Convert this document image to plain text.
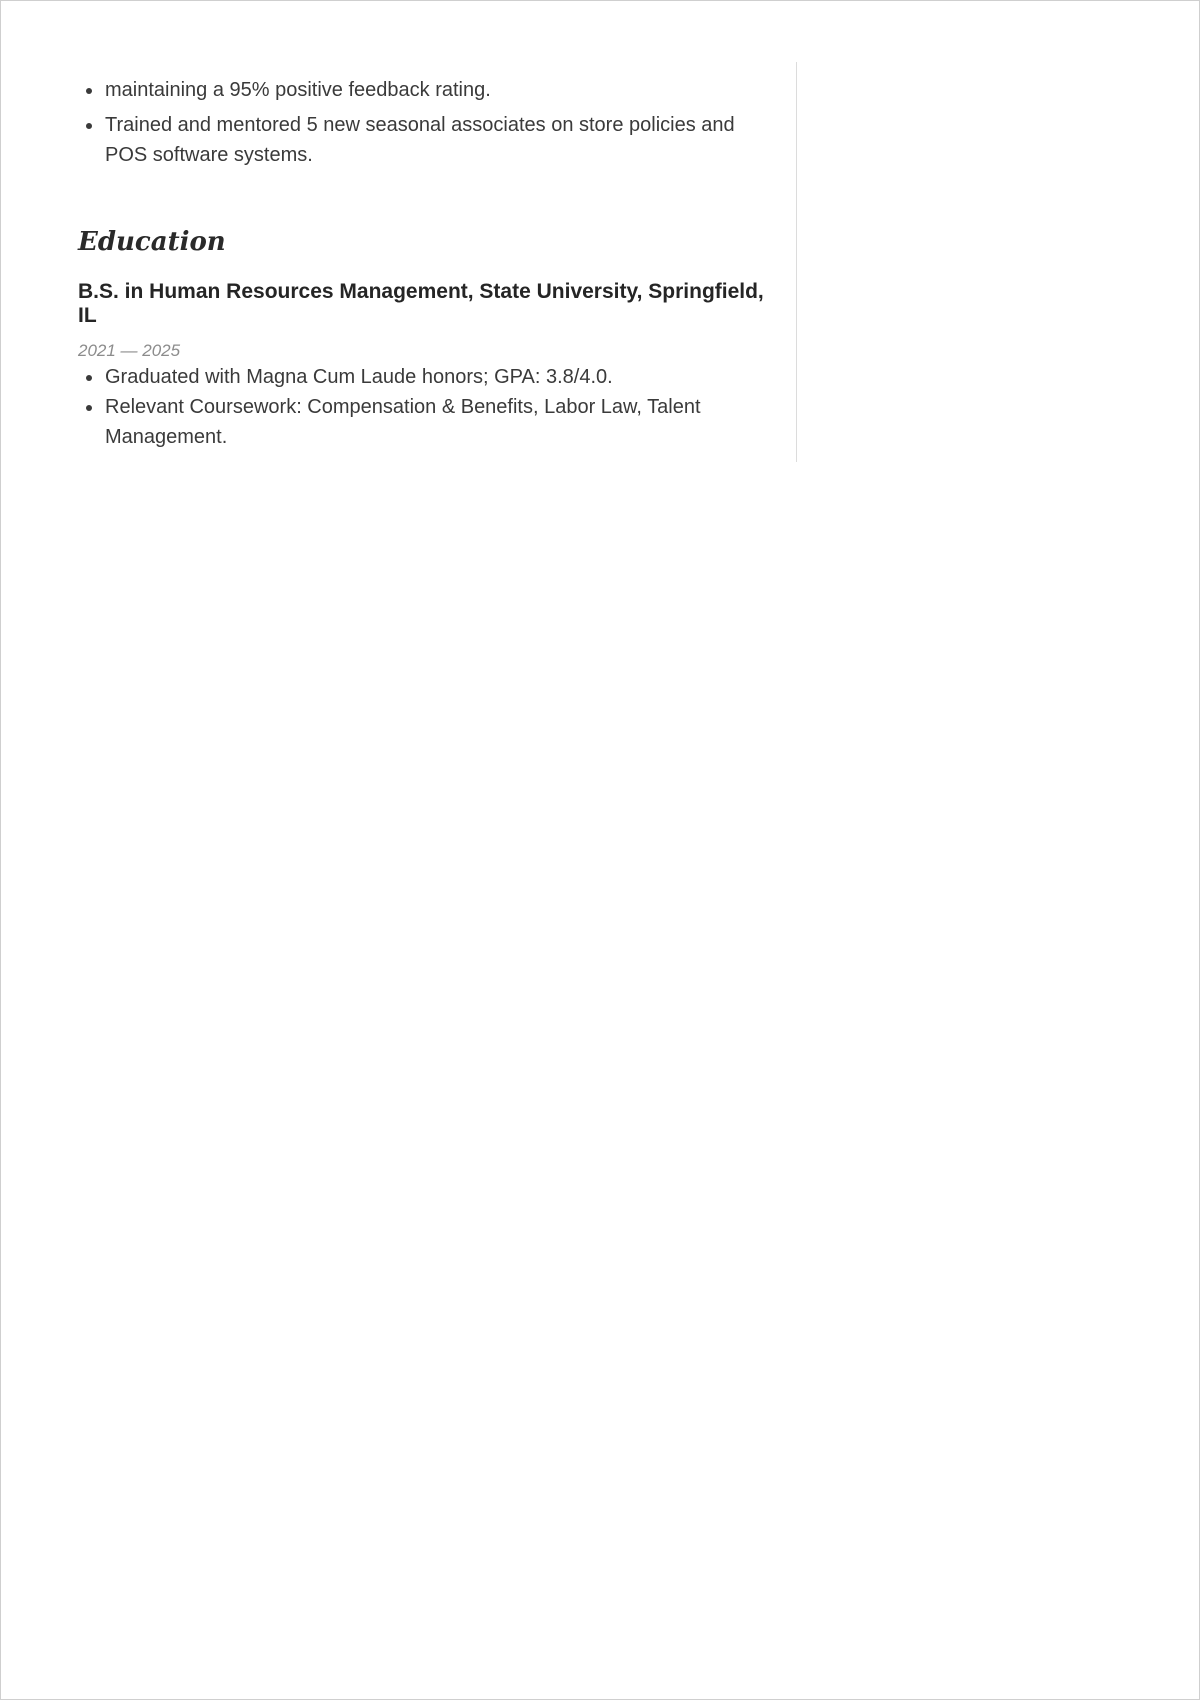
maintaining a 95% positive feedback rating.
Trained and mentored 5 new seasonal associates on store policies and POS software systems.
Education
B.S. in Human Resources Management, State University, Springfield, IL
2021 — 2025
Graduated with Magna Cum Laude honors; GPA: 3.8/4.0.
Relevant Coursework: Compensation & Benefits, Labor Law, Talent Management.
